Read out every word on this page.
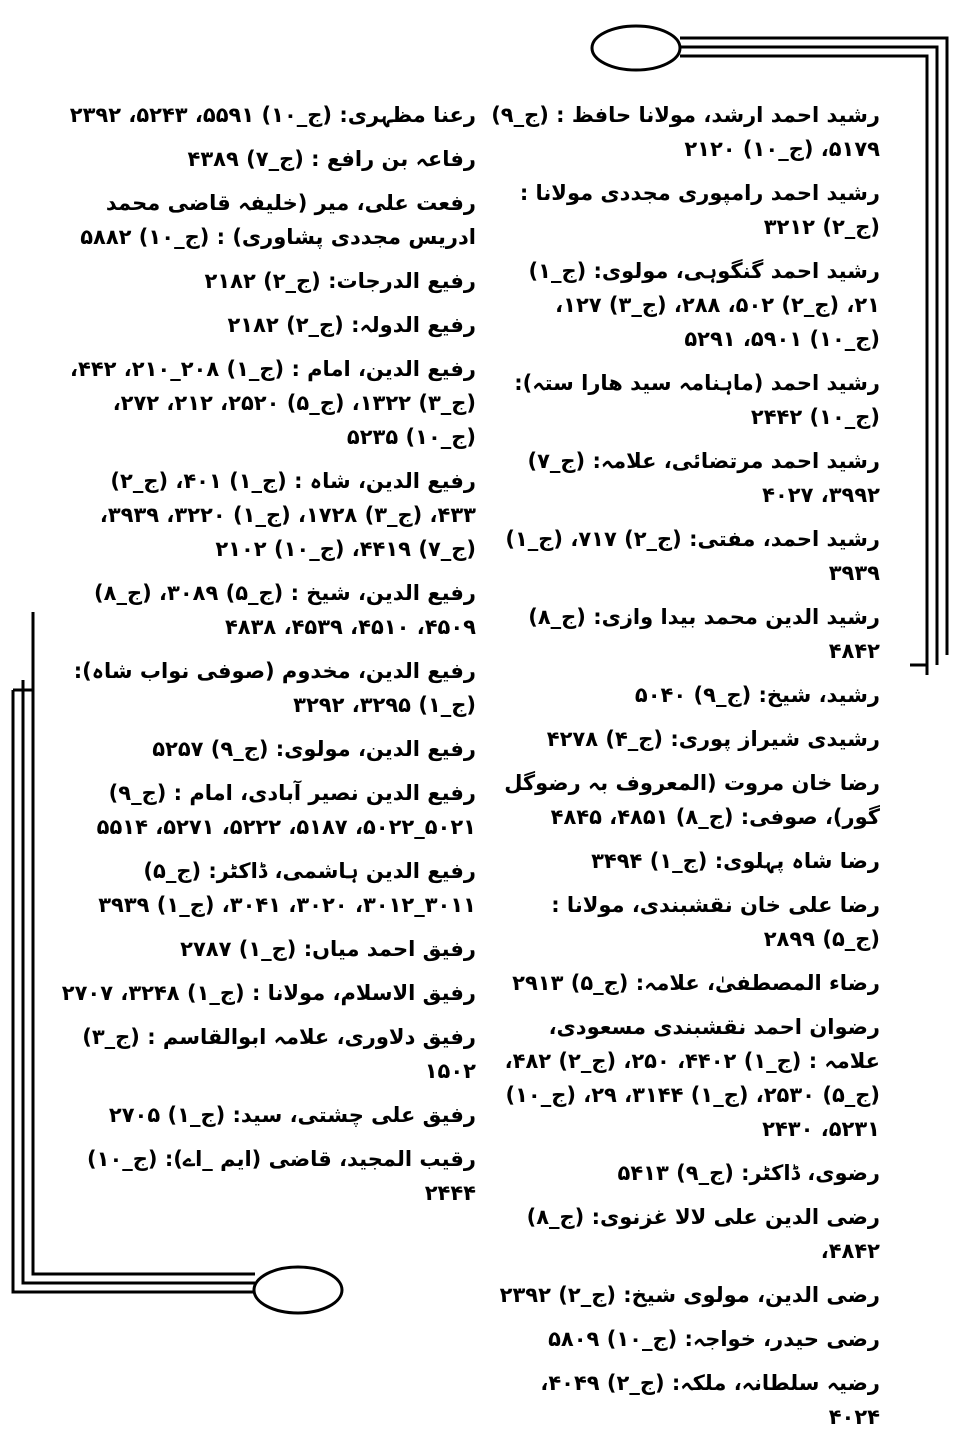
رشید احمد ارشد، مولانا حافظ : (ج_۹) ۵۱۷۹، (ج_۱۰) ۲۱۲۰
رشید احمد رامپوری مجددی مولانا : (ج_۲) ۳۲۱۲
رشید احمد گنگوہی، مولوی: (ج_۱) ۲۱، (ج_۲) ۵۰۲، ۲۸۸، (ج_۳) ۱۲۷، (ج_۱۰) ۵۹۰۱، ۵۲۹۱
رشید احمد (ماہنامہ سید ھارا ستہ): (ج_۱۰) ۲۴۴۲
رشید احمد مرتضائی، علامہ: (ج_۷) ۳۹۹۲، ۴۰۲۷
رشید احمد، مفتی: (ج_۲) ۷۱۷، (ج_۱) ۳۹۳۹
رشید الدین محمد بیدا وازی: (ج_۸) ۴۸۴۲
رشید، شیخ: (ج_۹) ۵۰۴۰
رشیدی شیراز پوری: (ج_۴) ۴۲۷۸
رضا خان مروت (المعروف بہ رضوگل گور)، صوفی: (ج_۸) ۴۸۵۱، ۴۸۴۵
رضا شاہ پہلوی: (ج_۱) ۳۴۹۴
رضا علی خان نقشبندی، مولانا : (ج_۵) ۲۸۹۹
رضاء المصطفیٰ، علامہ: (ج_۵) ۲۹۱۳
رضوان احمد نقشبندی مسعودی، علامہ : (ج_۱) ۴۴۰۲، ۲۵۰، (ج_۲) ۴۸۲، (ج_۵) ۲۵۳۰، (ج_۱) ۳۱۴۴، ۲۹، (ج_۱۰) ۵۲۳۱، ۲۴۳۰
رضوی، ڈاکٹر: (ج_۹) ۵۴۱۳
رضی الدین علی لالا غزنوی: (ج_۸) ۴۸۴۲،
رضی الدین، مولوی شیخ: (ج_۲) ۲۳۹۲
رضی حیدر، خواجہ: (ج_۱۰) ۵۸۰۹
رضیہ سلطانہ، ملکہ: (ج_۲) ۴۰۴۹، ۴۰۲۴
رعنا مظہری: (ج_۱۰) ۵۵۹۱، ۵۲۴۳، ۲۳۹۲
رفاعہ بن رافع : (ج_۷) ۴۳۸۹
رفعت علی، میر (خلیفہ قاضی محمد ادریس مجددی پشاوری) : (ج_۱۰) ۵۸۸۲
رفیع الدرجات: (ج_۲) ۲۱۸۲
رفیع الدولہ: (ج_۲) ۲۱۸۲
رفیع الدین، امام : (ج_۱) ۲۰۸_۲۱۰، ۴۴۲، (ج_۳) ۱۳۲۲، (ج_۵) ۲۵۲۰، ۲۱۲، ۲۷۲، (ج_۱۰) ۵۲۳۵
رفیع الدین، شاہ : (ج_۱) ۴۰۱، (ج_۲) ۴۳۳، (ج_۳) ۱۷۲۸، (ج_۱) ۳۲۲۰، ۳۹۳۹، (ج_۷) ۴۴۱۹، (ج_۱۰) ۲۱۰۲
رفیع الدین، شیخ : (ج_۵) ۳۰۸۹، (ج_۸) ۴۵۰۹، ۴۵۱۰، ۴۵۳۹، ۴۸۳۸
رفیع الدین، مخدوم (صوفی نواب شاہ): (ج_۱) ۳۲۹۵، ۳۲۹۲
رفیع الدین، مولوی: (ج_۹) ۵۲۵۷
رفیع الدین نصیر آبادی، امام : (ج_۹) ۵۰۲۱_۵۰۲۲، ۵۱۸۷، ۵۲۲۲، ۵۲۷۱، ۵۵۱۴
رفیع الدین ہاشمی، ڈاکٹر: (ج_۵) ۳۰۱۱_۳۰۱۲، ۳۰۲۰، ۳۰۴۱، (ج_۱) ۳۹۳۹
رفیق احمد میاں: (ج_۱) ۲۷۸۷
رفیق الاسلام، مولانا : (ج_۱) ۳۲۴۸، ۲۷۰۷
رفیق دلاوری، علامہ ابوالقاسم : (ج_۳) ۱۵۰۲
رفیق علی چشتی، سید: (ج_۱) ۲۷۰۵
رقیب المجید، قاضی (ایم _اے): (ج_۱۰) ۲۴۴۴
